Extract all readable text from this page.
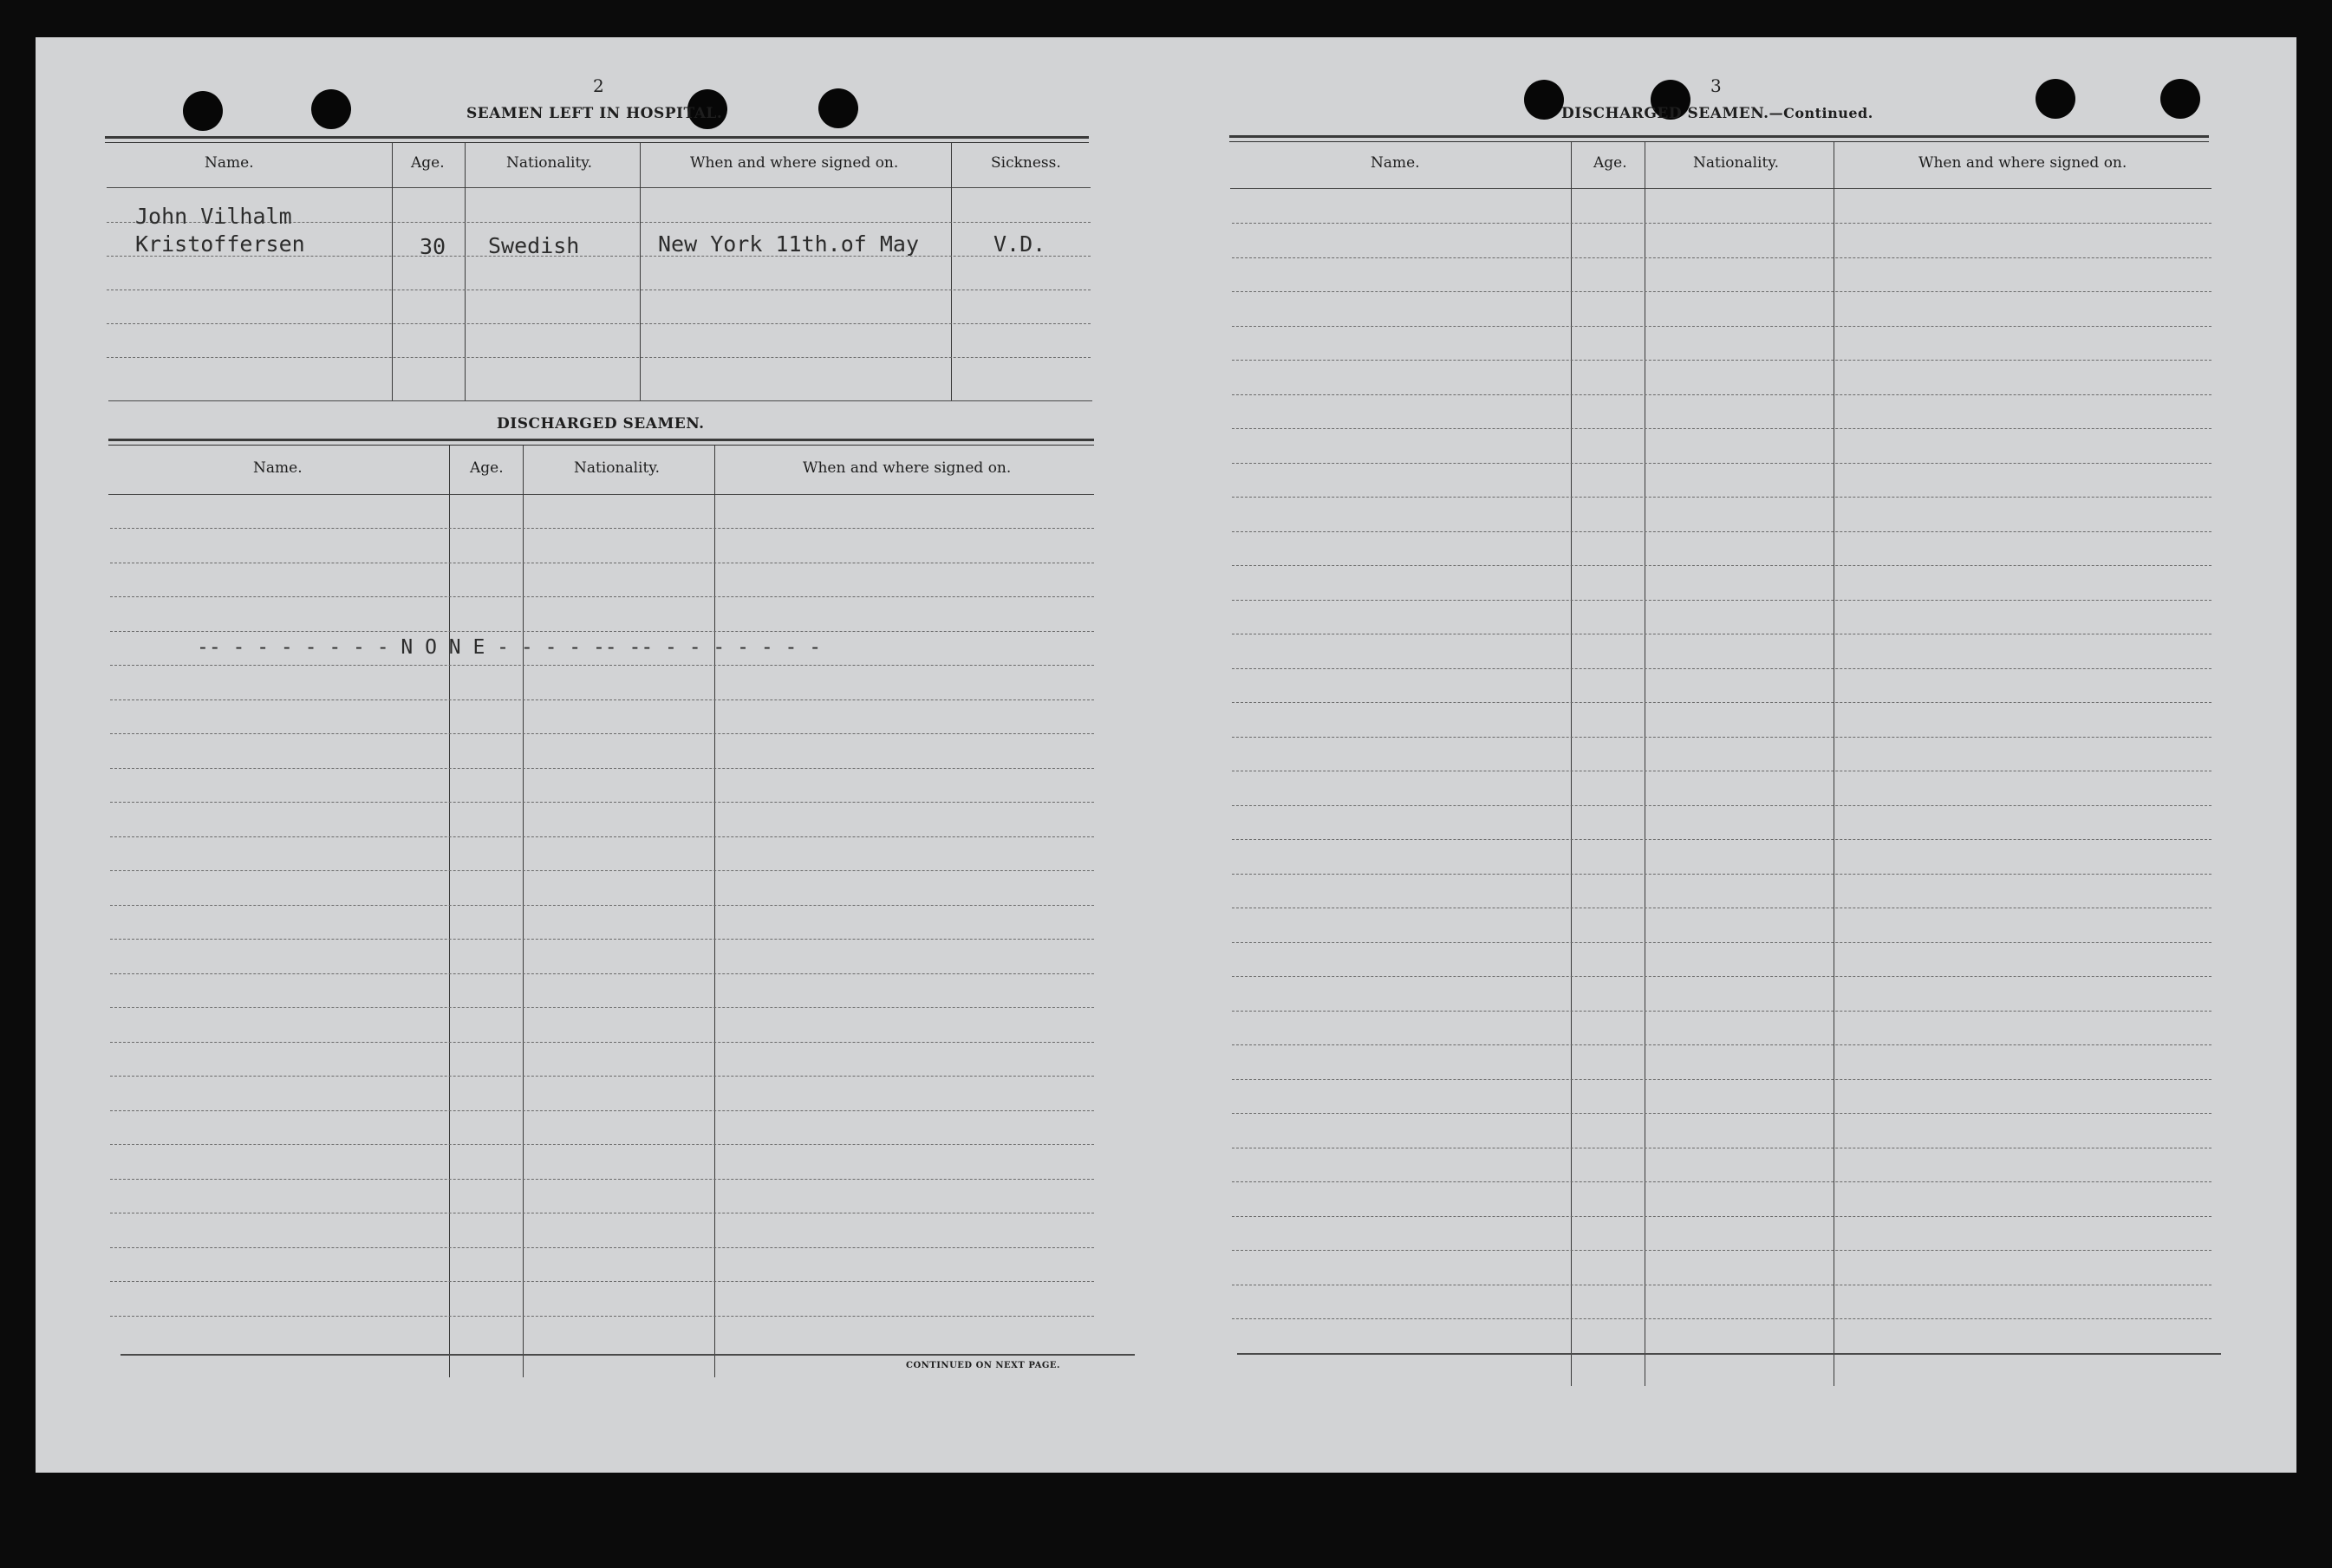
2
SEAMEN LEFT IN HOSPITAL.
Name.	Age.	Nationality.	When and where signed on.	Sickness.
John Vilhalm
Kristoffersen	30 Swedish	New York 11th.of May	V.D.
DISCHARGED SEAMEN.
Name.	Age.	Nationality.	When and where signed on.
-- - - - - - - - N O N E - - - - -- -- - - - - - - -
CONTINUED ON NEXT PAGE.
3
DISCHARGED SEAMEN.—Continued.
Name.	Age.	Nationality.	When and where signed on.
